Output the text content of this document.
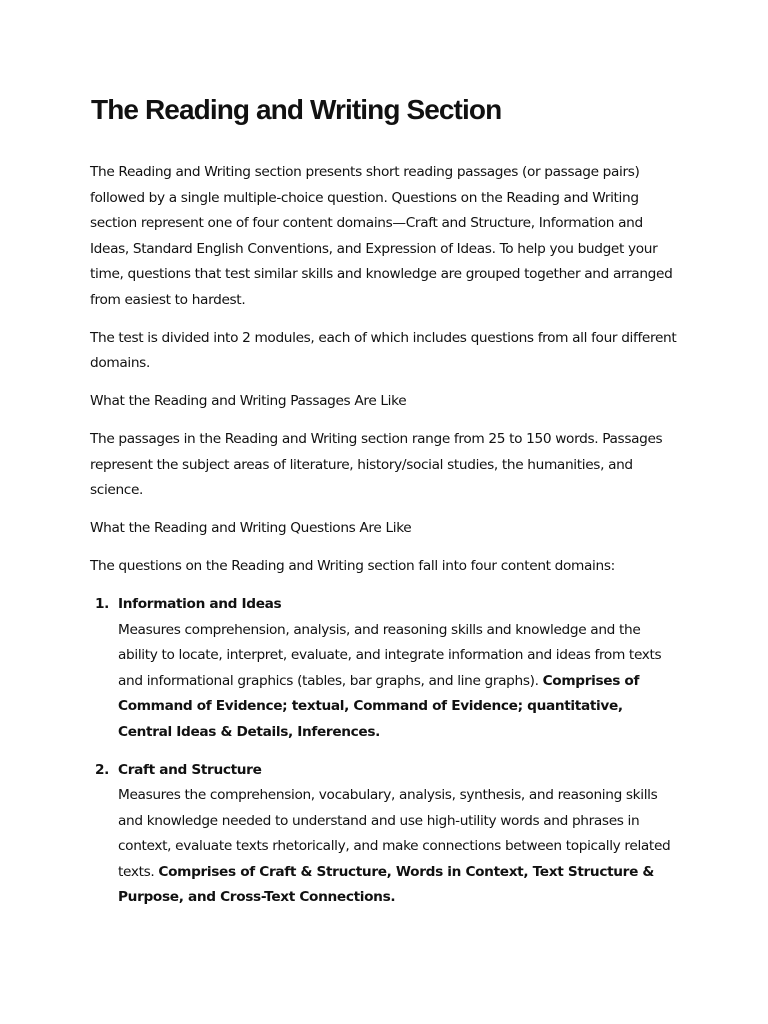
The Reading and Writing Section

The Reading and Writing section presents short reading passages (or passage pairs) followed by a single multiple-choice question. Questions on the Reading and Writing section represent one of four content domains—Craft and Structure, Information and Ideas, Standard English Conventions, and Expression of Ideas. To help you budget your time, questions that test similar skills and knowledge are grouped together and arranged from easiest to hardest.

The test is divided into 2 modules, each of which includes questions from all four different domains.

What the Reading and Writing Passages Are Like

The passages in the Reading and Writing section range from 25 to 150 words. Passages represent the subject areas of literature, history/social studies, the humanities, and science.

What the Reading and Writing Questions Are Like

The questions on the Reading and Writing section fall into four content domains:

1. Information and Ideas
Measures comprehension, analysis, and reasoning skills and knowledge and the ability to locate, interpret, evaluate, and integrate information and ideas from texts and informational graphics (tables, bar graphs, and line graphs). Comprises of Command of Evidence; textual, Command of Evidence; quantitative, Central Ideas & Details, Inferences.
2. Craft and Structure
Measures the comprehension, vocabulary, analysis, synthesis, and reasoning skills and knowledge needed to understand and use high-utility words and phrases in context, evaluate texts rhetorically, and make connections between topically related texts. Comprises of Craft & Structure, Words in Context, Text Structure & Purpose, and Cross-Text Connections.
